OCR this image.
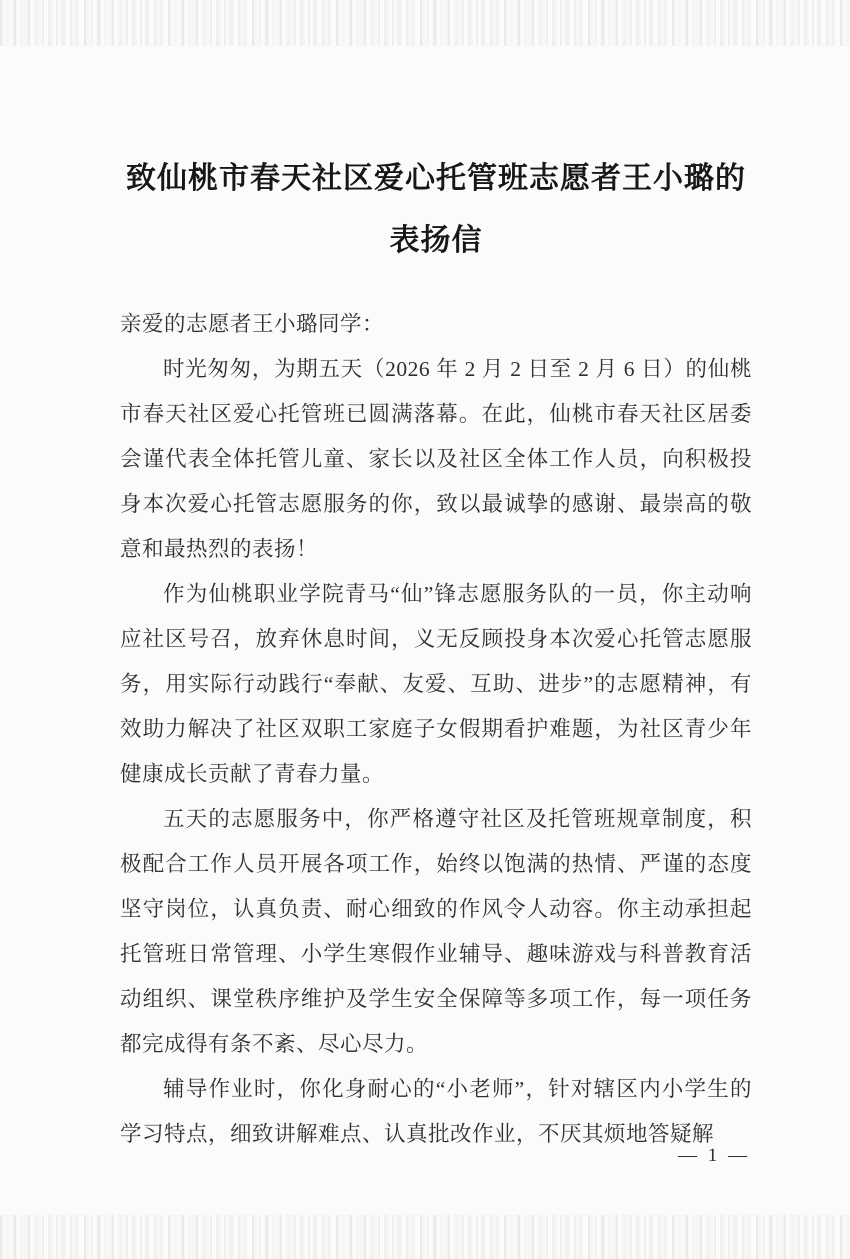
致仙桃市春天社区爱心托管班志愿者王小璐的
表扬信

亲爱的志愿者王小璐同学：

时光匆匆，为期五天（2026 年 2 月 2 日至 2 月 6 日）的仙桃市春天社区爱心托管班已圆满落幕。在此，仙桃市春天社区居委会谨代表全体托管儿童、家长以及社区全体工作人员，向积极投身本次爱心托管志愿服务的你，致以最诚挚的感谢、最崇高的敬意和最热烈的表扬！

作为仙桃职业学院青马“仙”锋志愿服务队的一员，你主动响应社区号召，放弃休息时间，义无反顾投身本次爱心托管志愿服务，用实际行动践行“奉献、友爱、互助、进步”的志愿精神，有效助力解决了社区双职工家庭子女假期看护难题，为社区青少年健康成长贡献了青春力量。

五天的志愿服务中，你严格遵守社区及托管班规章制度，积极配合工作人员开展各项工作，始终以饱满的热情、严谨的态度坚守岗位，认真负责、耐心细致的作风令人动容。你主动承担起托管班日常管理、小学生寒假作业辅导、趣味游戏与科普教育活动组织、课堂秩序维护及学生安全保障等多项工作，每一项任务都完成得有条不紊、尽心尽力。

辅导作业时，你化身耐心的“小老师”，针对辖区内小学生的学习特点，细致讲解难点、认真批改作业，不厌其烦地答疑解

— 1 —
